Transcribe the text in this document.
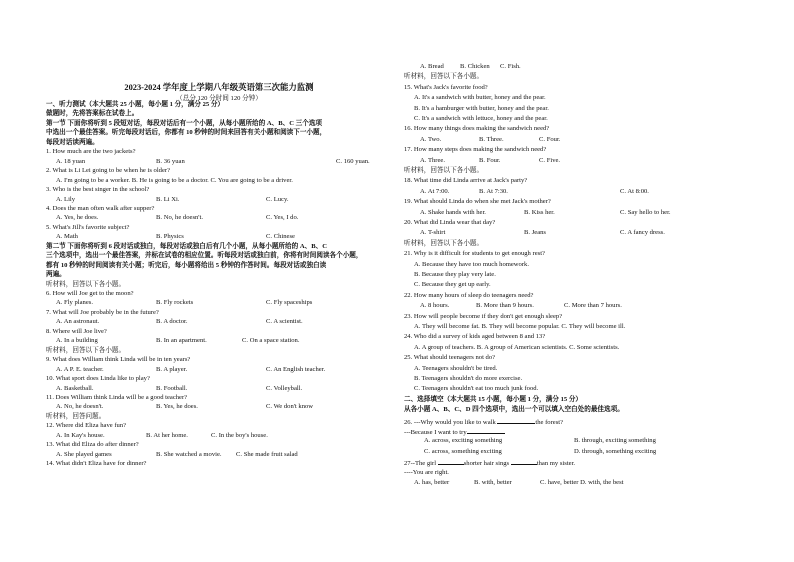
2023-2024 学年度上学期八年级英语第三次能力监测
（总分 120 分时间 120 分钟）
一、听力测试（本大题共 25 小题，每小题 1 分，满分 25 分）
做题时，先将答案标在试卷上。
第一节 下面你将听到 5 段短对话，每段对话后有一个小题，从每小题所给的 A、B、C 三个选项
中选出一个最佳答案。听完每段对话后，你都有 10 秒钟的时间来回答有关小题和阅读下一小题，
每段对话读两遍。
1. How much are the two jackets?
A. 18 yuan	B. 36 yuan	C. 160 yuan.
2. What is Li Lei going to be when he is older?
A. I'm going to be a worker. B. He is going to be a doctor. C. You are going to be a driver.
3. Who is the best singer in the school?
A. Lily	B. Li Xi.	C. Lucy.
4. Does the man often walk after supper?
A. Yes, he does.	B. No, he doesn't.	C. Yes, I do.
5. What's Jill's favorite subject?
A. Math	B. Physics	C. Chinese
第二节 下面你将听到 6 段对话或独白，每段对话或独白后有几个小题，从每小题所给的 A、B、C
三个选项中，选出一个最佳答案，并标在试卷的相应位置。听每段对话或独白前，你将有时间阅读各个小题，
都有 10 秒钟的时间阅读有关小题；听完后，每小题将给出 5 秒钟的作答时间。每段对话或独白读
两遍。
听材料，回答以下各小题。
6. How will Joe get to the moon?
A. Fly planes.	B. Fly rockets	C. Fly spaceships
7. What will Joe probably be in the future?
A. An astronaut.	B. A doctor.	C. A scientist.
8. Where will Joe live?
A. In a building	B. In an apartment.	C. On a space station.
听材料，回答以下各小题。
9. What does William think Linda will be in ten years?
A. A P. E. teacher.	B. A player.	C. An English teacher.
10. What sport does Linda like to play?
A. Basketball.	B. Football.	C. Volleyball.
11. Does William think Linda will be a good teacher?
A. No, he doesn't.	B. Yes, he does.	C. We don't know
听材料，回答问题。
12. Where did Eliza have fun?
A. In Kay's house.	B. At her home.	C. In the boy's house.
13. What did Eliza do after dinner?
A. She played games	B. She watched a movie. C. She made fruit salad
14. What didn't Eliza have for dinner?
A. Bread B. Chicken C. Fish.
听材料，回答以下各小题。
15. What's Jack's favorite food?
A. It's a sandwich with butter, honey and the pear.
B. It's a hamburger with butter, honey and the pear.
C. It's a sandwich with lettuce, honey and the pear.
16. How many things does making the sandwich need?
A. Two.	B. Three.	C. Four.
17. How many steps does making the sandwich need?
A. Three.	B. Four.	C. Five.
听材料，回答以下各小题。
18. What time did Linda arrive at Jack's party?
A. At 7:00.	B. At 7:30.	C. At 8:00.
19. What should Linda do when she met Jack's mother?
A. Shake hands with her.	B. Kiss her.	C. Say hello to her.
20. What did Linda wear that day?
A. T-shirt	B. Jeans	C. A fancy dress.
听材料，回答以下各小题。
21. Why is it difficult for students to get enough rest?
A. Because they have too much homework.
B. Because they play very late.
C. Because they get up early.
22. How many hours of sleep do teenagers need?
A. 8 hours.	B. More than 9 hours.	C. More than 7 hours.
23. How will people become if they don't get enough sleep?
A. They will become fat. B. They will become popular. C. They will become ill.
24. Who did a survey of kids aged between 8 and 13?
A. A group of teachers. B. A group of American scientists. C. Some scientists.
25. What should teenagers not do?
A. Teenagers shouldn't be tired.
B. Teenagers shouldn't do more exercise.
C. Teenagers shouldn't eat too much junk food.
二、选择填空（本大题共 15 小题，每小题 1 分，满分 15 分）
从各小题 A、B、C、D 四个选项中，选出一个可以填入空白处的最佳选项。
26. ---Why would you like to walk	the forest?
---Because I want to try
A. across, exciting something	B. through, exciting something
C. across, something exciting	D. through, something exciting
27--The girl	shorter hair sings	than my sister.
----You are right.
A. has, better	B. with, better	C. have, better D. with, the best
